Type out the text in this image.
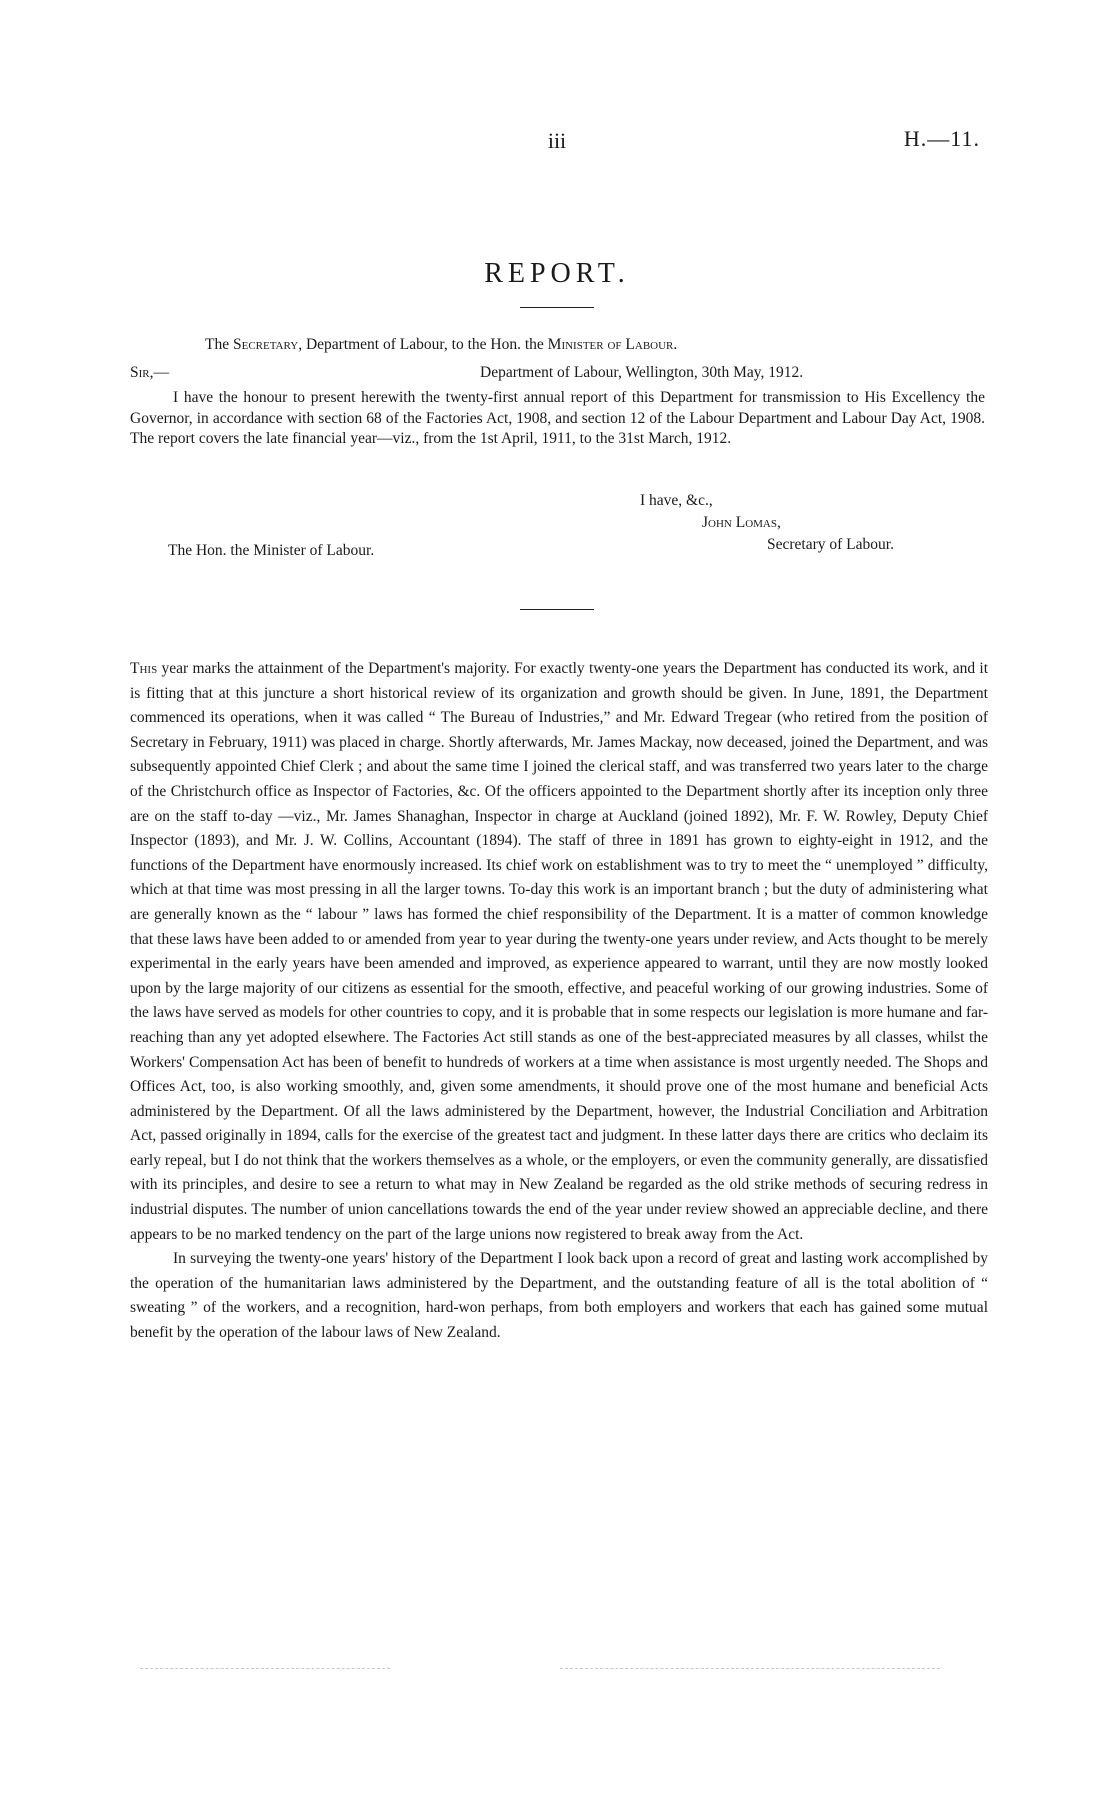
iii	H.—11.
REPORT.
The Secretary, Department of Labour, to the Hon. the Minister of Labour.
Sir,—	Department of Labour, Wellington, 30th May, 1912.

I have the honour to present herewith the twenty-first annual report of this Department for transmission to His Excellency the Governor, in accordance with section 68 of the Factories Act, 1908, and section 12 of the Labour Department and Labour Day Act, 1908. The report covers the late financial year—viz., from the 1st April, 1911, to the 31st March, 1912.

I have, &c.,
John Lomas,
Secretary of Labour.
The Hon. the Minister of Labour.

This year marks the attainment of the Department's majority. For exactly twenty-one years the Department has conducted its work, and it is fitting that at this juncture a short historical review of its organization and growth should be given. In June, 1891, the Department commenced its operations, when it was called “ The Bureau of Industries,” and Mr. Edward Tregear (who retired from the position of Secretary in February, 1911) was placed in charge. Shortly afterwards, Mr. James Mackay, now deceased, joined the Department, and was subsequently appointed Chief Clerk ; and about the same time I joined the clerical staff, and was transferred two years later to the charge of the Christchurch office as Inspector of Factories, &c. Of the officers appointed to the Department shortly after its inception only three are on the staff to-day —viz., Mr. James Shanaghan, Inspector in charge at Auckland (joined 1892), Mr. F. W. Rowley, Deputy Chief Inspector (1893), and Mr. J. W. Collins, Accountant (1894). The staff of three in 1891 has grown to eighty-eight in 1912, and the functions of the Department have enormously increased. Its chief work on establishment was to try to meet the “ unemployed ” difficulty, which at that time was most pressing in all the larger towns. To-day this work is an important branch ; but the duty of administering what are generally known as the “ labour ” laws has formed the chief responsibility of the Department. It is a matter of common knowledge that these laws have been added to or amended from year to year during the twenty-one years under review, and Acts thought to be merely experimental in the early years have been amended and improved, as experience appeared to warrant, until they are now mostly looked upon by the large majority of our citizens as essential for the smooth, effective, and peaceful working of our growing industries. Some of the laws have served as models for other countries to copy, and it is probable that in some respects our legislation is more humane and far-reaching than any yet adopted elsewhere. The Factories Act still stands as one of the best-appreciated measures by all classes, whilst the Workers' Compensation Act has been of benefit to hundreds of workers at a time when assistance is most urgently needed. The Shops and Offices Act, too, is also working smoothly, and, given some amendments, it should prove one of the most humane and beneficial Acts administered by the Department. Of all the laws administered by the Department, however, the Industrial Conciliation and Arbitration Act, passed originally in 1894, calls for the exercise of the greatest tact and judgment. In these latter days there are critics who declaim its early repeal, but I do not think that the workers themselves as a whole, or the employers, or even the community generally, are dissatisfied with its principles, and desire to see a return to what may in New Zealand be regarded as the old strike methods of securing redress in industrial disputes. The number of union cancellations towards the end of the year under review showed an appreciable decline, and there appears to be no marked tendency on the part of the large unions now registered to break away from the Act.

In surveying the twenty-one years' history of the Department I look back upon a record of great and lasting work accomplished by the operation of the humanitarian laws administered by the Department, and the outstanding feature of all is the total abolition of “ sweating ” of the workers, and a recognition, hard-won perhaps, from both employers and workers that each has gained some mutual benefit by the operation of the labour laws of New Zealand.
